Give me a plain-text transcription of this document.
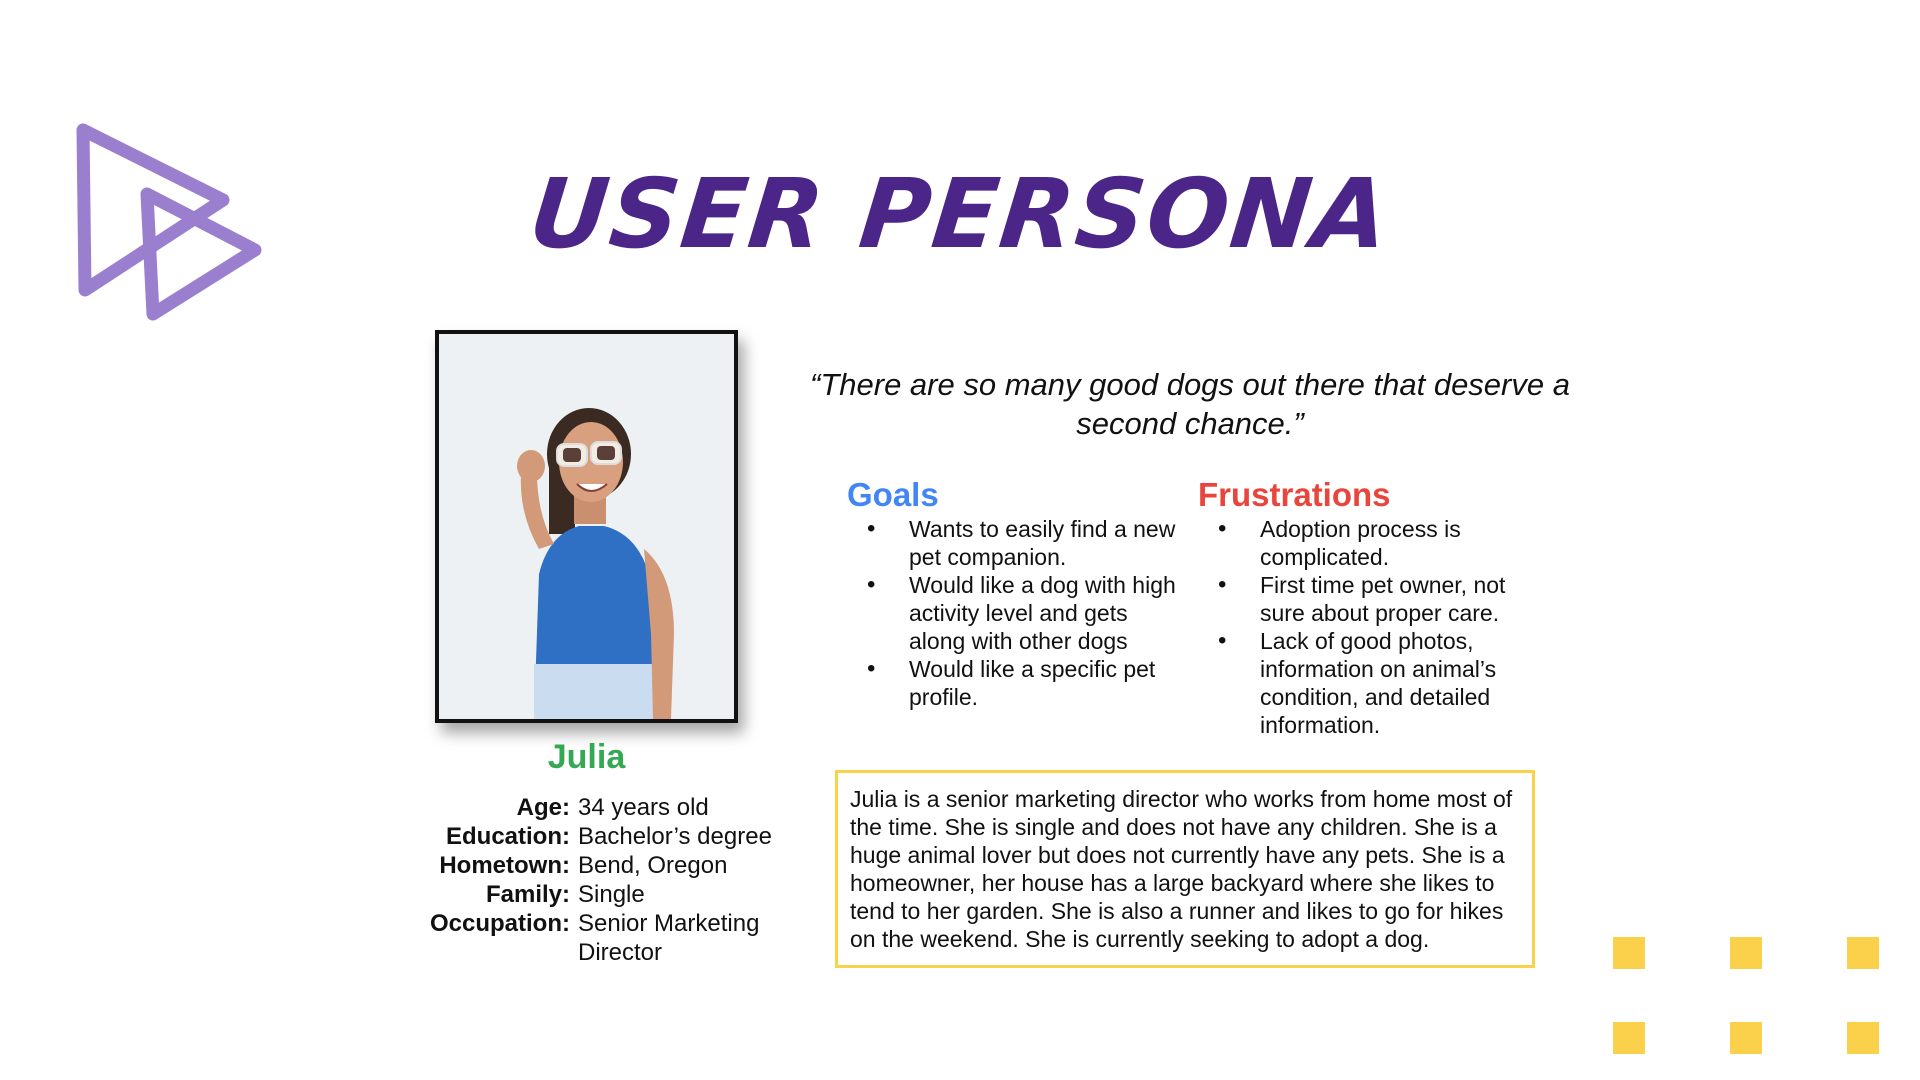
USER PERSONA
Julia
Age: 34 years old
Education: Bachelor’s degree
Hometown: Bend, Oregon
Family: Single
Occupation: Senior Marketing Director
“There are so many good dogs out there that deserve a second chance.”
Goals
• Wants to easily find a new pet companion.
• Would like a dog with high activity level and gets along with other dogs
• Would like a specific pet profile.
Frustrations
• Adoption process is complicated.
• First time pet owner, not sure about proper care.
• Lack of good photos, information on animal’s condition, and detailed information.
Julia is a senior marketing director who works from home most of the time. She is single and does not have any children. She is a huge animal lover but does not currently have any pets. She is a homeowner, her house has a large backyard where she likes to tend to her garden. She is also a runner and likes to go for hikes on the weekend. She is currently seeking to adopt a dog.
